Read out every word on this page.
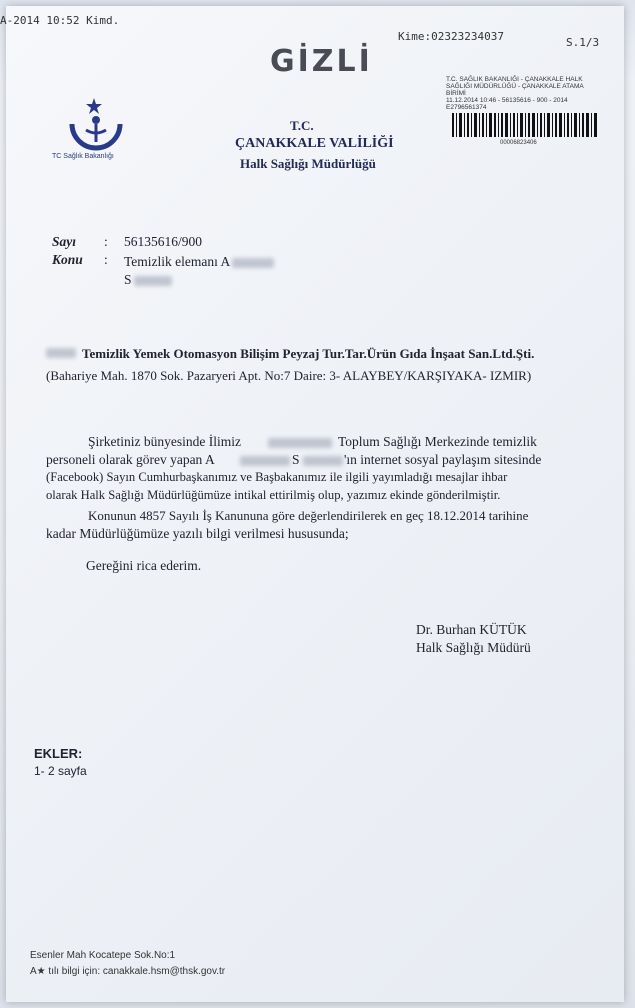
A-2014 10:52 Kimd.
Kime:02323234037	S.1/3
GİZLİ
TC Sağlık Bakanlığı
T.C.
ÇANAKKALE VALİLİĞİ
Halk Sağlığı Müdürlüğü
T.C. SAĞLIK BAKANLIĞI - ÇANAKKALE HALK
SAĞLIĞI MÜDÜRLÜĞÜ - ÇANAKKALE ATAMA
BİRİMİ
11.12.2014 10:46 - 56135616 - 900 - 2014 E2796561374
00006823406
Sayı : 56135616/900
Konu : Temizlik elemanı A
S
Temizlik Yemek Otomasyon Bilişim Peyzaj Tur.Tar.Ürün Gıda İnşaat San.Ltd.Şti.
(Bahariye Mah. 1870 Sok. Pazaryeri Apt. No:7 Daire: 3- ALAYBEY/KARŞIYAKA- IZMIR)
Şirketiniz bünyesinde İlimiz	Toplum Sağlığı Merkezinde temizlik
personeli olarak görev yapan A	S	'ın internet sosyal paylaşım sitesinde
(Facebook) Sayın Cumhurbaşkanımız ve Başbakanımız ile ilgili yayımladığı mesajlar ihbar
olarak Halk Sağlığı Müdürlüğümüze intikal ettirilmiş olup, yazımız ekinde gönderilmiştir.
Konunun 4857 Sayılı İş Kanununa göre değerlendirilerek en geç 18.12.2014 tarihine
kadar Müdürlüğümüze yazılı bilgi verilmesi hususunda;
Gereğini rica ederim.
Dr. Burhan KÜTÜK
Halk Sağlığı Müdürü
EKLER:
1- 2 sayfa
Esenler Mah Kocatepe Sok.No:1
A★ tılı bilgi için: canakkale.hsm@thsk.gov.tr
